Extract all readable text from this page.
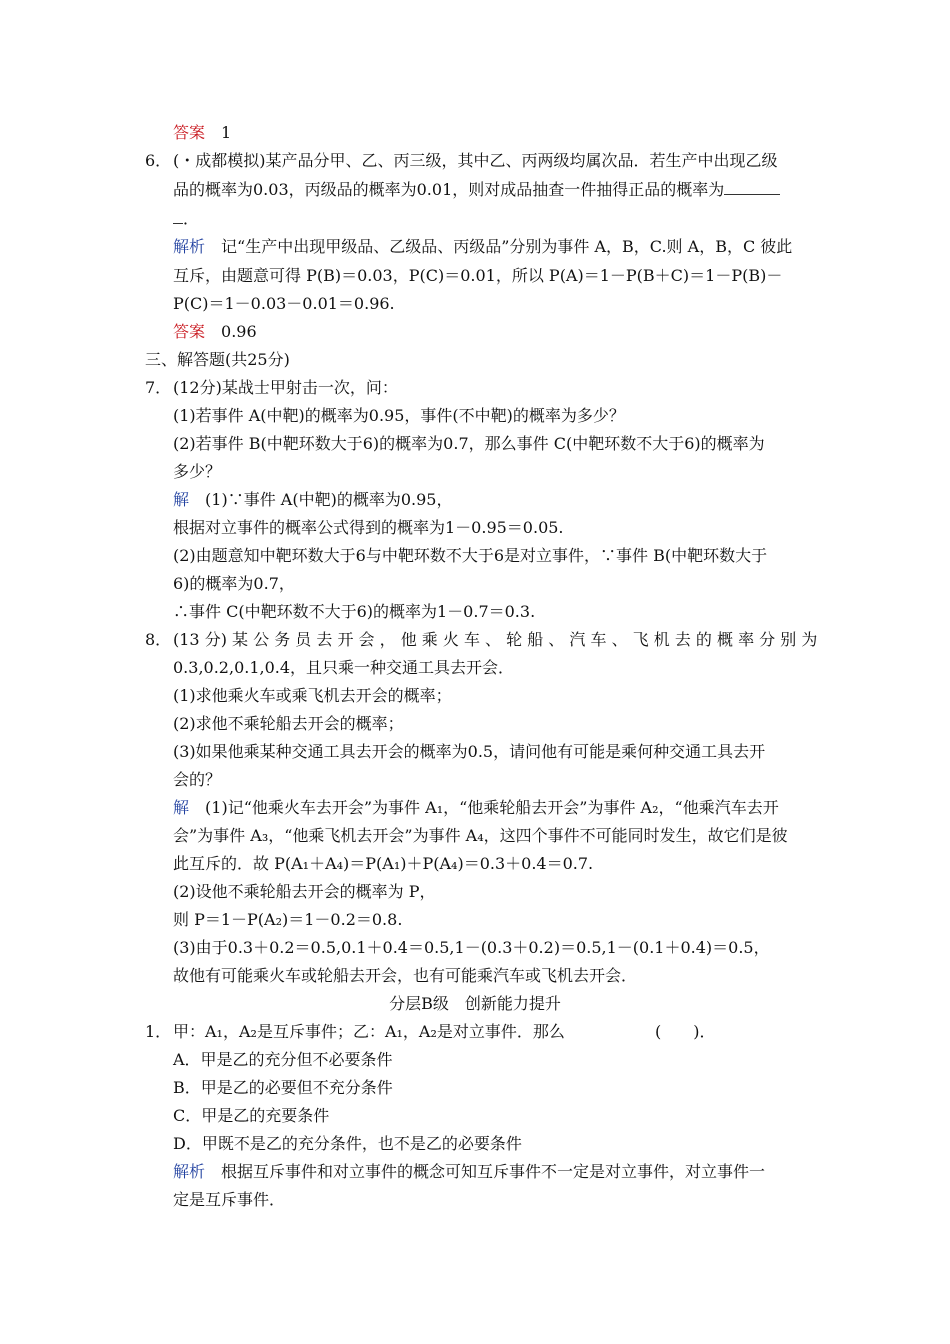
答案　 1
6． (・成都模拟)某产品分甲、乙、丙三级，其中乙、丙两级均属次品．若生产中出现乙级
品的概率为0.03，丙级品的概率为0.01，则对成品抽查一件抽得正品的概率为
．
解析　 记“生产中出现甲级品、乙级品、丙级品”分别为事件 A，B，C.则 A，B，C 彼此
互斥，由题意可得 P(B)＝0.03，P(C)＝0.01，所以 P(A)＝1－P(B＋C)＝1－P(B)－
P(C)＝1－0.03－0.01＝0.96.
答案　 0.96
三、解答题(共25分)
7． (12分)某战士甲射击一次，问：
(1)若事件 A(中靶)的概率为0.95，事件(不中靶)的概率为多少？
(2)若事件 B(中靶环数大于6)的概率为0.7，那么事件 C(中靶环数不大于6)的概率为
多少？
解　 (1)∵事件 A(中靶)的概率为0.95，
根据对立事件的概率公式得到的概率为1－0.95＝0.05.
(2)由题意知中靶环数大于6与中靶环数不大于6是对立事件，∵事件 B(中靶环数大于
6)的概率为0.7，
∴事件 C(中靶环数不大于6)的概率为1－0.7＝0.3.
8． (13 分) 某 公 务 员 去 开 会 ， 他 乘 火 车 、 轮 船 、 汽 车 、 飞 机 去 的 概 率 分 别 为
0.3,0.2,0.1,0.4，且只乘一种交通工具去开会．
(1)求他乘火车或乘飞机去开会的概率；
(2)求他不乘轮船去开会的概率；
(3)如果他乘某种交通工具去开会的概率为0.5，请问他有可能是乘何种交通工具去开
会的？
解　 (1)记“他乘火车去开会”为事件 A₁，“他乘轮船去开会”为事件 A₂，“他乘汽车去开
会”为事件 A₃，“他乘飞机去开会”为事件 A₄，这四个事件不可能同时发生，故它们是彼
此互斥的．故 P(A₁＋A₄)＝P(A₁)＋P(A₄)＝0.3＋0.4＝0.7.
(2)设他不乘轮船去开会的概率为 P，
则 P＝1－P(A₂)＝1－0.2＝0.8.
(3)由于0.3＋0.2＝0.5,0.1＋0.4＝0.5,1－(0.3＋0.2)＝0.5,1－(0.1＋0.4)＝0.5，
故他有可能乘火车或轮船去开会，也有可能乘汽车或飞机去开会．
分层B级　创新能力提升
1． 甲：A₁，A₂是互斥事件；乙：A₁，A₂是对立事件．那么	(　　)．
A．甲是乙的充分但不必要条件
B．甲是乙的必要但不充分条件
C．甲是乙的充要条件
D．甲既不是乙的充分条件，也不是乙的必要条件
解析　 根据互斥事件和对立事件的概念可知互斥事件不一定是对立事件，对立事件一
定是互斥事件．
